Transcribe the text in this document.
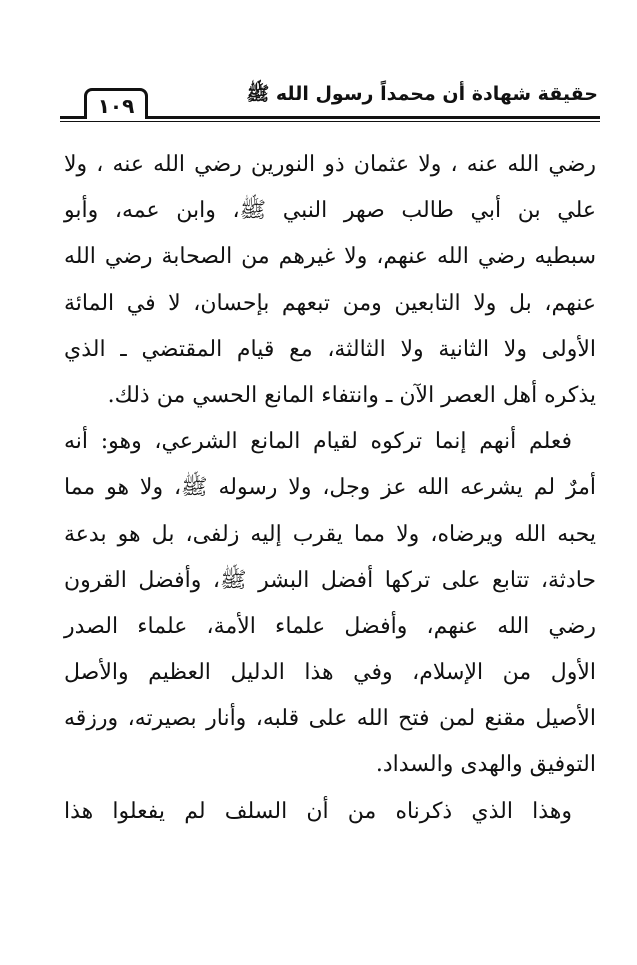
حقيقة شهادة أن محمداً رسول الله ﷺ
١٠٩
رضي الله عنه ، ولا عثمان ذو النورين رضي الله عنه ، ولا
علي بن أبي طالب صهر النبي ﷺ، وابن عمه، وأبو
سبطيه رضي الله عنهم، ولا غيرهم من الصحابة رضي الله
عنهم، بل ولا التابعين ومن تبعهم بإحسان، لا في المائة
الأولى ولا الثانية ولا الثالثة، مع قيام المقتضي ـ الذي
يذكره أهل العصر الآن ـ وانتفاء المانع الحسي من ذلك.
فعلم أنهم إنما تركوه لقيام المانع الشرعي، وهو: أنه
أمرٌ لم يشرعه الله عز وجل، ولا رسوله ﷺ، ولا هو مما
يحبه الله ويرضاه، ولا مما يقرب إليه زلفى، بل هو بدعة
حادثة، تتابع على تركها أفضل البشر ﷺ، وأفضل القرون
رضي الله عنهم، وأفضل علماء الأمة، علماء الصدر
الأول من الإسلام، وفي هذا الدليل العظيم والأصل
الأصيل مقنع لمن فتح الله على قلبه، وأنار بصيرته، ورزقه
التوفيق والهدى والسداد.
وهذا الذي ذكرناه من أن السلف لم يفعلوا هذا
